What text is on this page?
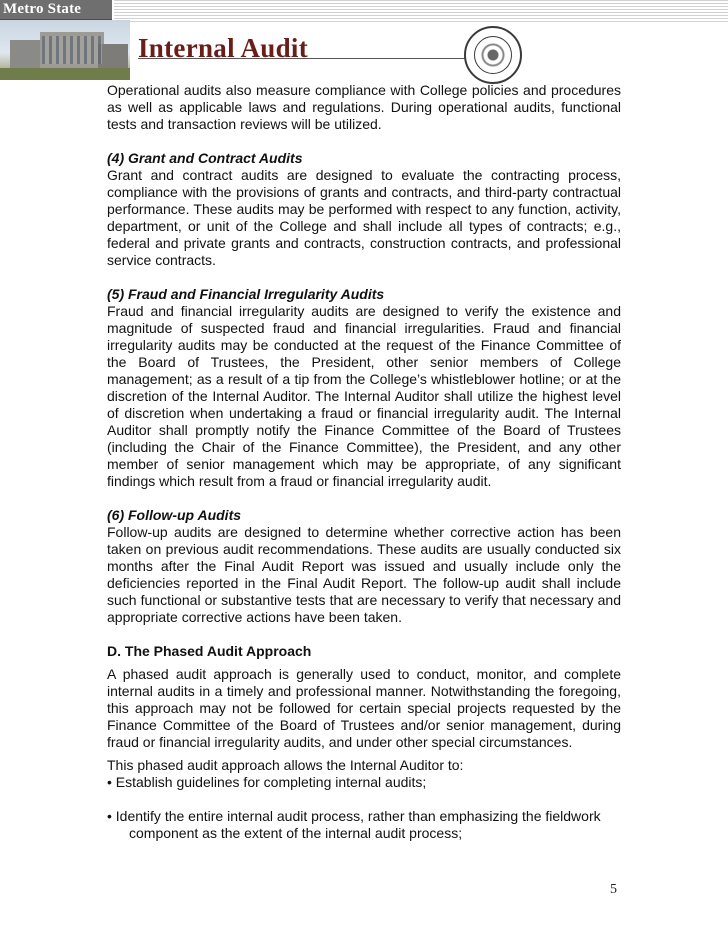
Metro State
Internal Audit

Operational audits also measure compliance with College policies and procedures as well as applicable laws and regulations. During operational audits, functional tests and transaction reviews will be utilized.

(4) Grant and Contract Audits

Grant and contract audits are designed to evaluate the contracting process, compliance with the provisions of grants and contracts, and third-party contractual performance. These audits may be performed with respect to any function, activity, department, or unit of the College and shall include all types of contracts; e.g., federal and private grants and contracts, construction contracts, and professional service contracts.

(5) Fraud and Financial Irregularity Audits

Fraud and financial irregularity audits are designed to verify the existence and magnitude of suspected fraud and financial irregularities. Fraud and financial irregularity audits may be conducted at the request of the Finance Committee of the Board of Trustees, the President, other senior members of College management; as a result of a tip from the College’s whistleblower hotline; or at the discretion of the Internal Auditor. The Internal Auditor shall utilize the highest level of discretion when undertaking a fraud or financial irregularity audit. The Internal Auditor shall promptly notify the Finance Committee of the Board of Trustees (including the Chair of the Finance Committee), the President, and any other member of senior management which may be appropriate, of any significant findings which result from a fraud or financial irregularity audit.

(6) Follow-up Audits

Follow-up audits are designed to determine whether corrective action has been taken on previous audit recommendations. These audits are usually conducted six months after the Final Audit Report was issued and usually include only the deficiencies reported in the Final Audit Report. The follow-up audit shall include such functional or substantive tests that are necessary to verify that necessary and appropriate corrective actions have been taken.

D. The Phased Audit Approach

A phased audit approach is generally used to conduct, monitor, and complete internal audits in a timely and professional manner. Notwithstanding the foregoing, this approach may not be followed for certain special projects requested by the Finance Committee of the Board of Trustees and/or senior management, during fraud or financial irregularity audits, and under other special circumstances.

This phased audit approach allows the Internal Auditor to:

• Establish guidelines for completing internal audits;

• Identify the entire internal audit process, rather than emphasizing the fieldwork

component as the extent of the internal audit process;

5
